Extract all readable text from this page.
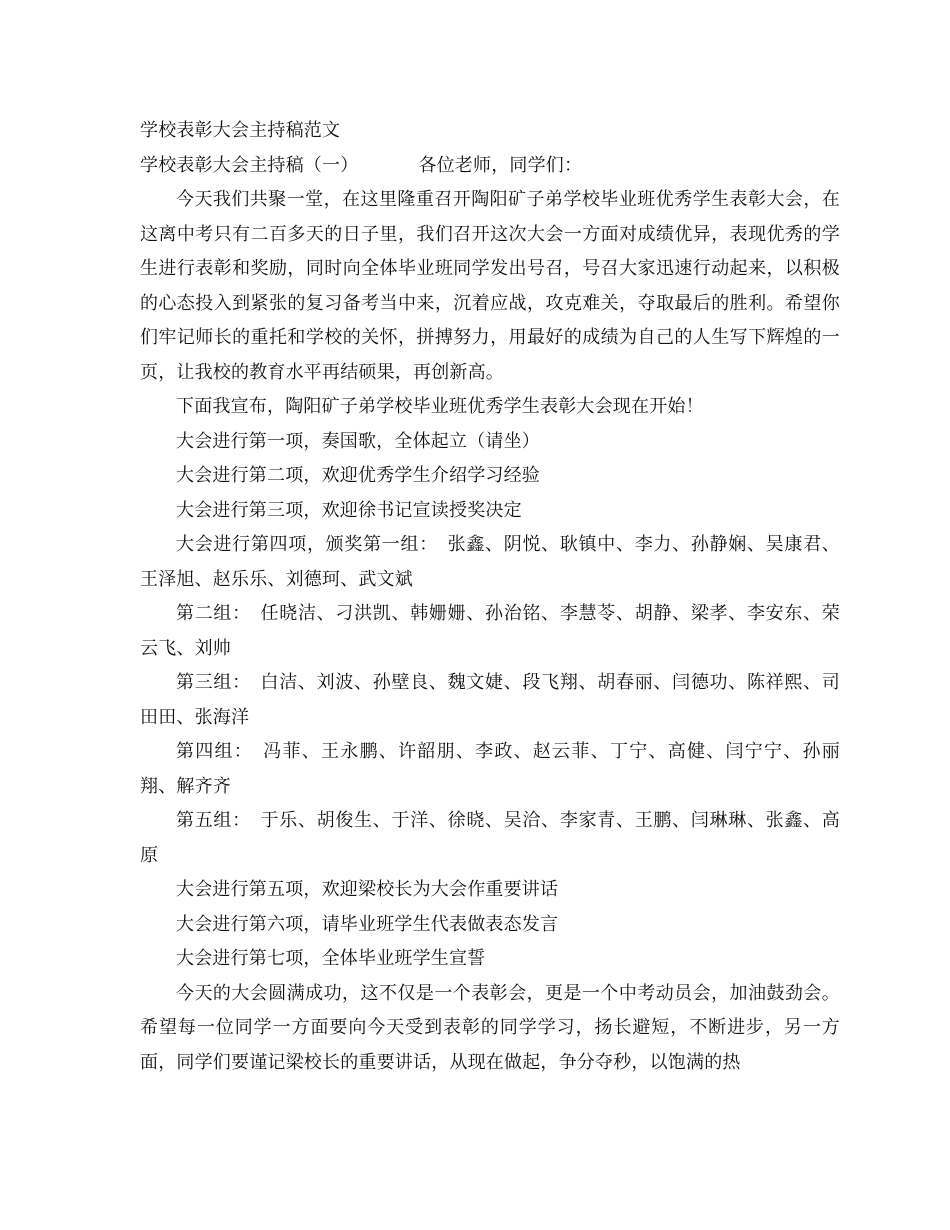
学校表彰大会主持稿范文
学校表彰大会主持稿（一）	各位老师，同学们：

今天我们共聚一堂，在这里隆重召开陶阳矿子弟学校毕业班优秀学生表彰大会，在这离中考只有二百多天的日子里，我们召开这次大会一方面对成绩优异，表现优秀的学生进行表彰和奖励，同时向全体毕业班同学发出号召，号召大家迅速行动起来，以积极的心态投入到紧张的复习备考当中来，沉着应战，攻克难关，夺取最后的胜利。希望你们牢记师长的重托和学校的关怀，拼搏努力，用最好的成绩为自己的人生写下辉煌的一页，让我校的教育水平再结硕果，再创新高。

下面我宣布，陶阳矿子弟学校毕业班优秀学生表彰大会现在开始！

大会进行第一项，奏国歌，全体起立（请坐）

大会进行第二项，欢迎优秀学生介绍学习经验

大会进行第三项，欢迎徐书记宣读授奖决定

大会进行第四项，颁奖第一组：　张鑫、阴悦、耿镇中、李力、孙静娴、吴康君、王泽旭、赵乐乐、刘德珂、武文斌

第二组：　任晓洁、刁洪凯、韩姗姗、孙治铭、李慧苓、胡静、梁孝、李安东、荣云飞、刘帅

第三组：　白洁、刘波、孙壁良、魏文婕、段飞翔、胡春丽、闫德功、陈祥熙、司田田、张海洋

第四组：　冯菲、王永鹏、许韶朋、李政、赵云菲、丁宁、高健、闫宁宁、孙丽翔、解齐齐

第五组：　于乐、胡俊生、于洋、徐晓、吴洽、李家青、王鹏、闫琳琳、张鑫、高原

大会进行第五项，欢迎梁校长为大会作重要讲话

大会进行第六项，请毕业班学生代表做表态发言

大会进行第七项，全体毕业班学生宣誓

今天的大会圆满成功，这不仅是一个表彰会，更是一个中考动员会，加油鼓劲会。希望每一位同学一方面要向今天受到表彰的同学学习，扬长避短，不断进步，另一方面，同学们要谨记梁校长的重要讲话，从现在做起，争分夺秒，以饱满的热
